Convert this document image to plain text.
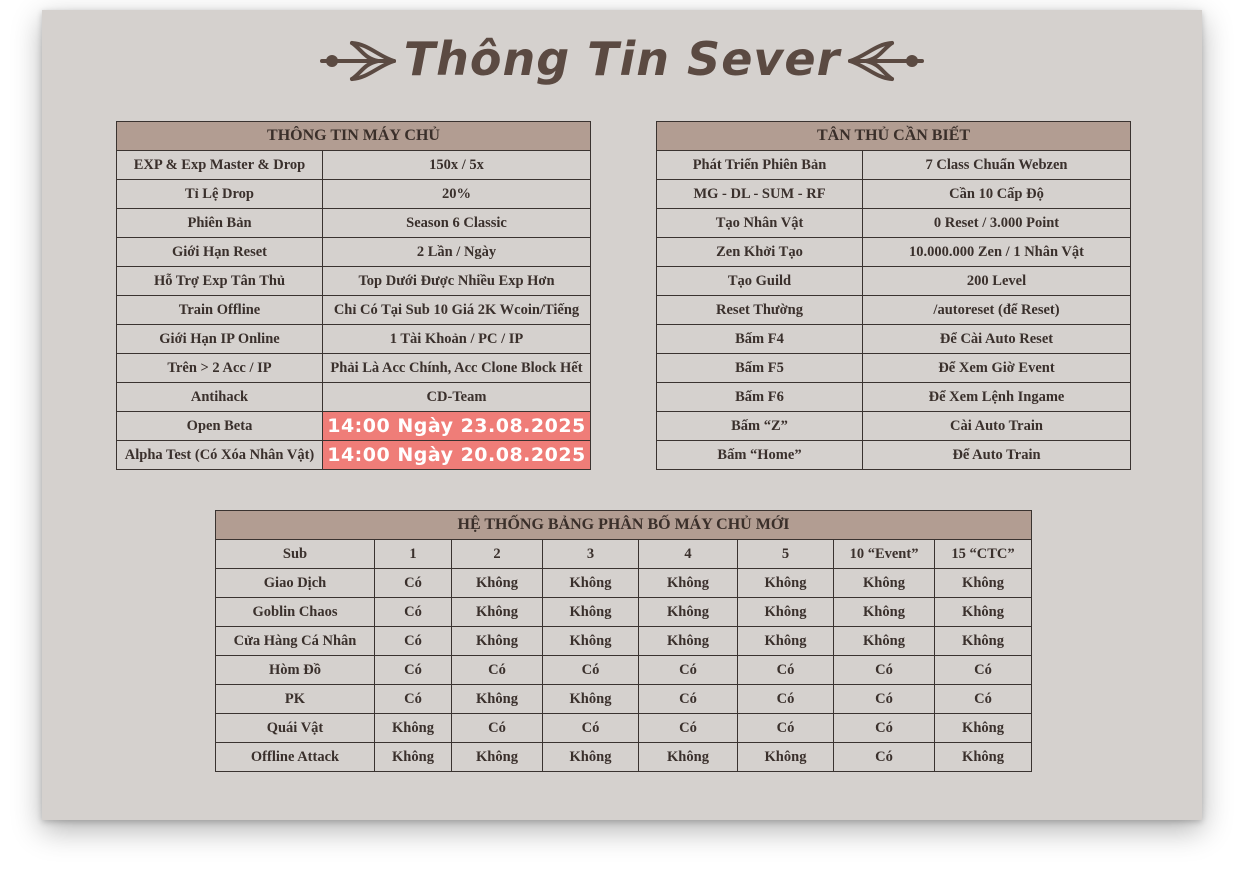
Thông Tin Sever
THÔNG TIN MÁY CHỦ	
EXP & Exp Master & Drop	150x / 5x
Tỉ Lệ Drop	20%
Phiên Bản	Season 6 Classic
Giới Hạn Reset	2 Lần / Ngày
Hỗ Trợ Exp Tân Thủ	Top Dưới Được Nhiều Exp Hơn
Train Offline	Chỉ Có Tại Sub 10 Giá 2K Wcoin/Tiếng
Giới Hạn IP Online	1 Tài Khoản / PC / IP
Trên > 2 Acc / IP	Phải Là Acc Chính, Acc Clone Block Hết
Antihack	CD-Team
Open Beta	14:00 Ngày 23.08.2025
Alpha Test (Có Xóa Nhân Vật)	14:00 Ngày 20.08.2025
TÂN THỦ CẦN BIẾT	
Phát Triển Phiên Bản	7 Class Chuẩn Webzen
MG - DL - SUM - RF	Cần 10 Cấp Độ
Tạo Nhân Vật	0 Reset / 3.000 Point
Zen Khởi Tạo	10.000.000 Zen / 1 Nhân Vật
Tạo Guild	200 Level
Reset Thường	/autoreset (để Reset)
Bấm F4	Để Cài Auto Reset
Bấm F5	Để Xem Giờ Event
Bấm F6	Để Xem Lệnh Ingame
Bấm “Z”	Cài Auto Train
Bấm “Home”	Để Auto Train
HỆ THỐNG BẢNG PHÂN BỐ MÁY CHỦ MỚI							
Sub	1	2	3	4	5	10 “Event”	15 “CTC”
Giao Dịch	Có	Không	Không	Không	Không	Không	Không
Goblin Chaos	Có	Không	Không	Không	Không	Không	Không
Cửa Hàng Cá Nhân	Có	Không	Không	Không	Không	Không	Không
Hòm Đồ	Có	Có	Có	Có	Có	Có	Có
PK	Có	Không	Không	Có	Có	Có	Có
Quái Vật	Không	Có	Có	Có	Có	Có	Không
Offline Attack	Không	Không	Không	Không	Không	Có	Không
